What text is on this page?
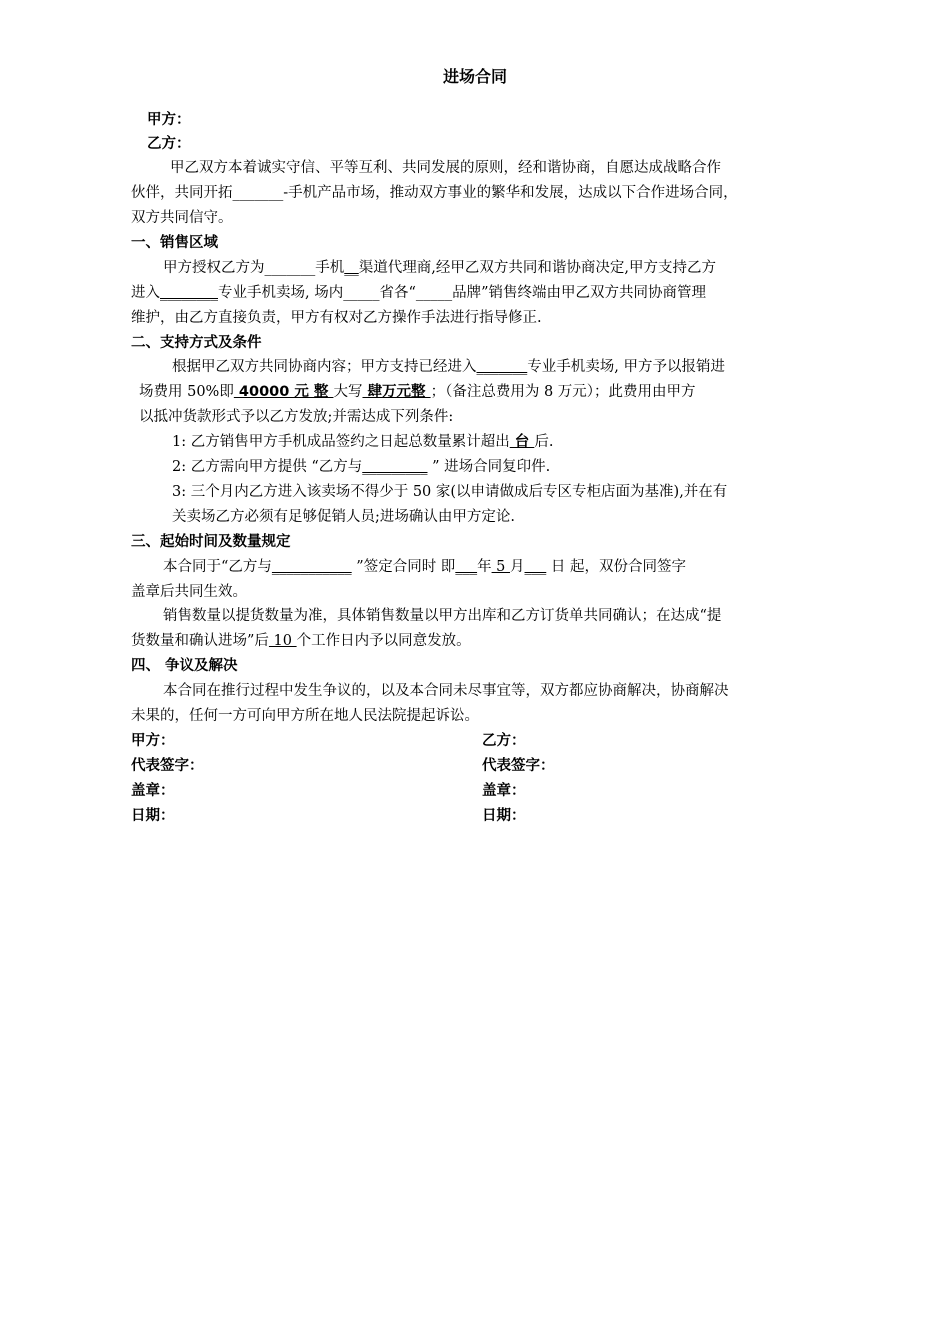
进场合同
甲方：
乙方：
甲乙双方本着诚实守信、平等互利、共同发展的原则，经和谐协商，自愿达成战略合作
伙伴，共同开拓_______-手机产品市场，推动双方事业的繁华和发展，达成以下合作进场合同，
双方共同信守。
一、销售区域
甲方授权乙方为_______手机__渠道代理商,经甲乙双方共同和谐协商决定,甲方支持乙方
进入________专业手机卖场, 场内_____省各“_____品牌”销售终端由甲乙双方共同协商管理
维护，由乙方直接负责，甲方有权对乙方操作手法进行指导修正.
二、支持方式及条件
根据甲乙双方共同协商内容；甲方支持已经进入_______专业手机卖场, 甲方予以报销进
场费用 50%即 40000 元 整 大写 肆万元整 ；（备注总费用为 8 万元）；此费用由甲方
以抵冲货款形式予以乙方发放;并需达成下列条件:
1: 乙方销售甲方手机成品签约之日起总数量累计超出 台 后.
2: 乙方需向甲方提供 “乙方与_________ ” 进场合同复印件.
3: 三个月内乙方进入该卖场不得少于 50 家(以申请做成后专区专柜店面为基准),并在有
关卖场乙方必须有足够促销人员;进场确认由甲方定论.
三、起始时间及数量规定
本合同于“乙方与___________ ”签定合同时 即___年 5 月___ 日 起，双份合同签字
盖章后共同生效。
销售数量以提货数量为准，具体销售数量以甲方出库和乙方订货单共同确认；在达成“提
货数量和确认进场”后 10 个工作日内予以同意发放。
四、 争议及解决
本合同在推行过程中发生争议的，以及本合同未尽事宜等，双方都应协商解决，协商解决
未果的，任何一方可向甲方所在地人民法院提起诉讼。
甲方：
代表签字：
盖章：
日期：
乙方：
代表签字：
盖章：
日期：
